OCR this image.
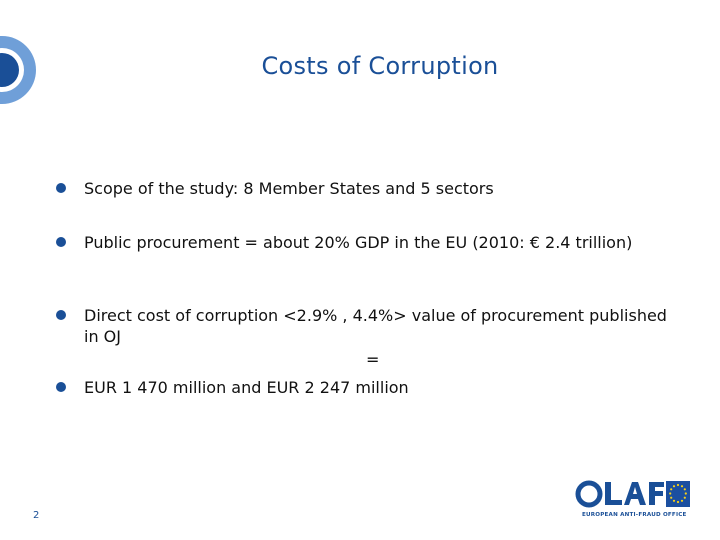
Costs of Corruption
Scope of the study: 8 Member States and 5 sectors
Public procurement = about 20% GDP in the EU (2010: € 2.4 trillion)
Direct cost of corruption <2.9% , 4.4%> value of procurement published in OJ
EUR 1 470 million and EUR 2 247 million
=
2	EUROPEAN ANTI-FRAUD OFFICE
